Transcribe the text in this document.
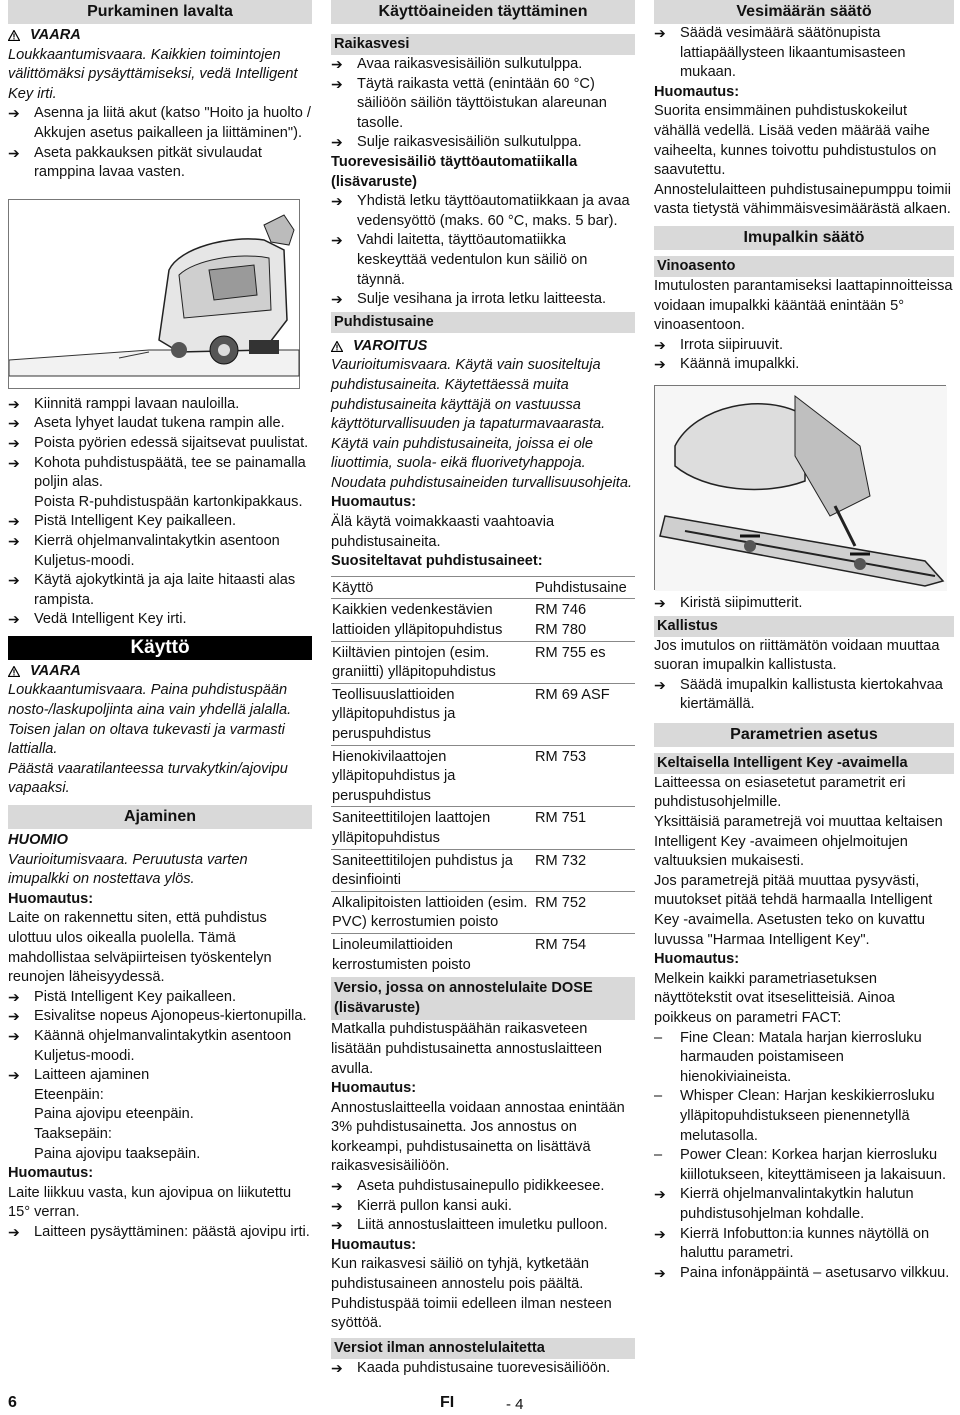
Purkaminen lavalta
VAARA
Loukkaantumisvaara. Kaikkien toimintojen välittömäksi pysäyttämiseksi, vedä Intelligent Key irti.
➔ Asenna ja liitä akut (katso "Hoito ja huolto / Akkujen asetus paikalleen ja liittäminen").
➔ Aseta pakkauksen pitkät sivulaudat ramppina lavaa vasten.
➔ Kiinnitä ramppi lavaan nauloilla.
➔ Aseta lyhyet laudat tukena rampin alle.
➔ Poista pyörien edessä sijaitsevat puulistat.
➔ Kohota puhdistuspäätä, tee se painamalla poljin alas.
Poista R-puhdistuspään kartonkipakkaus.
➔ Pistä Intelligent Key paikalleen.
➔ Kierrä ohjelmanvalintakytkin asentoon Kuljetus-moodi.
➔ Käytä ajokytkintä ja aja laite hitaasti alas rampista.
➔ Vedä Intelligent Key irti.
Käyttö
VAARA
Loukkaantumisvaara. Paina puhdistuspään nosto-/laskupoljinta aina vain yhdellä jalalla. Toisen jalan on oltava tukevasti ja varmasti lattialla.
Päästä vaaratilanteessa turvakytkin/ajovipu vapaaksi.
Ajaminen
HUOMIO
Vaurioitumisvaara. Peruutusta varten imupalkki on nostettava ylös.
Huomautus:
Laite on rakennettu siten, että puhdistus ulottuu ulos oikealla puolella. Tämä mahdollistaa selväpiirteisen työskentelyn reunojen läheisyydessä.
➔ Pistä Intelligent Key paikalleen.
➔ Esivalitse nopeus Ajonopeus-kiertonupilla.
➔ Käännä ohjelmanvalintakytkin asentoon Kuljetus-moodi.
➔ Laitteen ajaminen
Eteenpäin:
Paina ajovipu eteenpäin.
Taaksepäin:
Paina ajovipu taaksepäin.
Huomautus:
Laite liikkuu vasta, kun ajovipua on liikutettu 15° verran.
➔ Laitteen pysäyttäminen: päästä ajovipu irti.
Käyttöaineiden täyttäminen
Raikasvesi
➔ Avaa raikasvesisäiliön sulkutulppa.
➔ Täytä raikasta vettä (enintään 60 °C) säiliöön säiliön täyttöistukan alareunan tasolle.
➔ Sulje raikasvesisäiliön sulkutulppa.
Tuorevesisäiliö täyttöautomatiikalla (lisävaruste)
➔ Yhdistä letku täyttöautomatiikkaan ja avaa vedensyöttö (maks. 60 °C, maks. 5 bar).
➔ Vahdi laitetta, täyttöautomatiikka keskeyttää vedentulon kun säiliö on täynnä.
➔ Sulje vesihana ja irrota letku laitteesta.
Puhdistusaine
VAROITUS
Vaurioitumisvaara. Käytä vain suositeltuja puhdistusaineita. Käytettäessä muita puhdistusaineita käyttäjä on vastuussa käyttöturvallisuuden ja tapaturmavaarasta.
Käytä vain puhdistusaineita, joissa ei ole liuottimia, suola- eikä fluorivetyhappoja.
Noudata puhdistusaineiden turvallisuusohjeita.
Huomautus:
Älä käytä voimakkaasti vaahtoavia puhdistusaineita.
Suositeltavat puhdistusaineet:
Käyttö	Puhdistusaine
Kaikkien vedenkestävien lattioiden ylläpitopuhdistus	RM 746
RM 780
Kiiltävien pintojen (esim. graniitti) ylläpitopuhdistus	RM 755 es
Teollisuuslattioiden ylläpitopuhdistus ja peruspuhdistus	RM 69 ASF
Hienokivilaattojen ylläpitopuhdistus ja peruspuhdistus	RM 753
Saniteettitilojen laattojen ylläpitopuhdistus	RM 751
Saniteettitilojen puhdistus ja desinfiointi	RM 732
Alkalipitoisten lattioiden (esim. PVC) kerrostumien poisto	RM 752
Linoleumilattioiden kerrostumisten poisto	RM 754
Versio, jossa on annostelulaite DOSE (lisävaruste)
Matkalla puhdistuspäähän raikasveteen lisätään puhdistusainetta annostuslaitteen avulla.
Huomautus:
Annostuslaitteella voidaan annostaa enintään 3% puhdistusainetta. Jos annostus on korkeampi, puhdistusainetta on lisättävä raikasvesisäiliöön.
➔ Aseta puhdistusainepullo pidikkeesee.
➔ Kierrä pullon kansi auki.
➔ Liitä annostuslaitteen imuletku pulloon.
Huomautus:
Kun raikasvesi säiliö on tyhjä, kytketään puhdistusaineen annostelu pois päältä. Puhdistuspää toimii edelleen ilman nesteen syöttöä.
Versiot ilman annostelulaitetta
➔ Kaada puhdistusaine tuorevesisäiliöön.
Vesimäärän säätö
➔ Säädä vesimäärä säätönupista lattiapäällysteen likaantumisasteen mukaan.
Huomautus:
Suorita ensimmäinen puhdistuskokeilut vähällä vedellä. Lisää veden määrää vaihe vaiheelta, kunnes toivottu puhdistustulos on saavutettu.
Annostelulaitteen puhdistusainepumppu toimii vasta tietystä vähimmäisvesimäärästä alkaen.
Imupalkin säätö
Vinoasento
Imutulosten parantamiseksi laattapinnoitteissa voidaan imupalkki kääntää enintään 5° vinoasentoon.
➔ Irrota siipiruuvit.
➔ Käännä imupalkki.
➔ Kiristä siipimutterit.
Kallistus
Jos imutulos on riittämätön voidaan muuttaa suoran imupalkin kallistusta.
➔ Säädä imupalkin kallistusta kiertokahvaa kiertämällä.
Parametrien asetus
Keltaisella Intelligent Key -avaimella
Laitteessa on esiasetetut parametrit eri puhdistusohjelmille.
Yksittäisiä parametrejä voi muuttaa keltaisen Intelligent Key -avaimeen ohjelmoitujen valtuuksien mukaisesti.
Jos parametrejä pitää muuttaa pysyvästi, muutokset pitää tehdä harmaalla Intelligent Key -avaimella. Asetusten teko on kuvattu luvussa "Harmaa Intelligent Key".
Huomautus:
Melkein kaikki parametriasetuksen näyttötekstit ovat itseselitteisiä. Ainoa poikkeus on parametri FACT:
–	Fine Clean: Matala harjan kierrosluku harmauden poistamiseen hienokiviaineista.
–	Whisper Clean: Harjan keskikierrosluku ylläpitopuhdistukseen pienennetyllä melutasolla.
–	Power Clean: Korkea harjan kierrosluku kiillotukseen, kiteyttämiseen ja lakaisuun.
➔ Kierrä ohjelmanvalintakytkin halutun puhdistusohjelman kohdalle.
➔ Kierrä Infobutton:ia kunnes näytöllä on haluttu parametri.
➔ Paina infonäppäintä – asetusarvo vilkkuu.
6	FI	- 4
